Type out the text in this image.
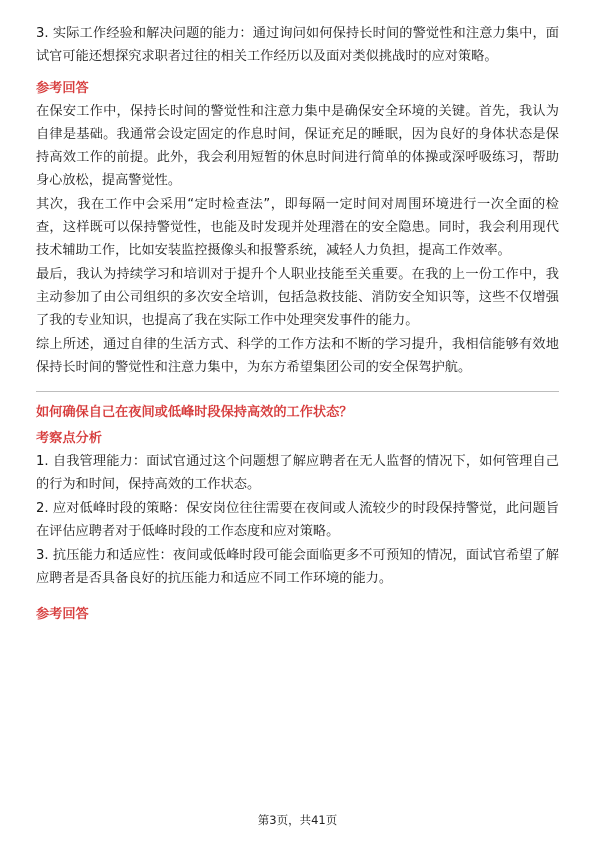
3. 实际工作经验和解决问题的能力：通过询问如何保持长时间的警觉性和注意力集中，面试官可能还想探究求职者过往的相关工作经历以及面对类似挑战时的应对策略。

参考回答

在保安工作中，保持长时间的警觉性和注意力集中是确保安全环境的关键。首先，我认为自律是基础。我通常会设定固定的作息时间，保证充足的睡眠，因为良好的身体状态是保持高效工作的前提。此外，我会利用短暂的休息时间进行简单的体操或深呼吸练习，帮助身心放松，提高警觉性。

其次，我在工作中会采用“定时检查法”，即每隔一定时间对周围环境进行一次全面的检查，这样既可以保持警觉性，也能及时发现并处理潜在的安全隐患。同时，我会利用现代技术辅助工作，比如安装监控摄像头和报警系统，减轻人力负担，提高工作效率。

最后，我认为持续学习和培训对于提升个人职业技能至关重要。在我的上一份工作中，我主动参加了由公司组织的多次安全培训，包括急救技能、消防安全知识等，这些不仅增强了我的专业知识，也提高了我在实际工作中处理突发事件的能力。

综上所述，通过自律的生活方式、科学的工作方法和不断的学习提升，我相信能够有效地保持长时间的警觉性和注意力集中，为东方希望集团公司的安全保驾护航。

如何确保自己在夜间或低峰时段保持高效的工作状态？
考察点分析

1. 自我管理能力：面试官通过这个问题想了解应聘者在无人监督的情况下，如何管理自己的行为和时间，保持高效的工作状态。

2. 应对低峰时段的策略：保安岗位往往需要在夜间或人流较少的时段保持警觉，此问题旨在评估应聘者对于低峰时段的工作态度和应对策略。

3. 抗压能力和适应性：夜间或低峰时段可能会面临更多不可预知的情况，面试官希望了解应聘者是否具备良好的抗压能力和适应不同工作环境的能力。

参考回答
第3页，共41页
